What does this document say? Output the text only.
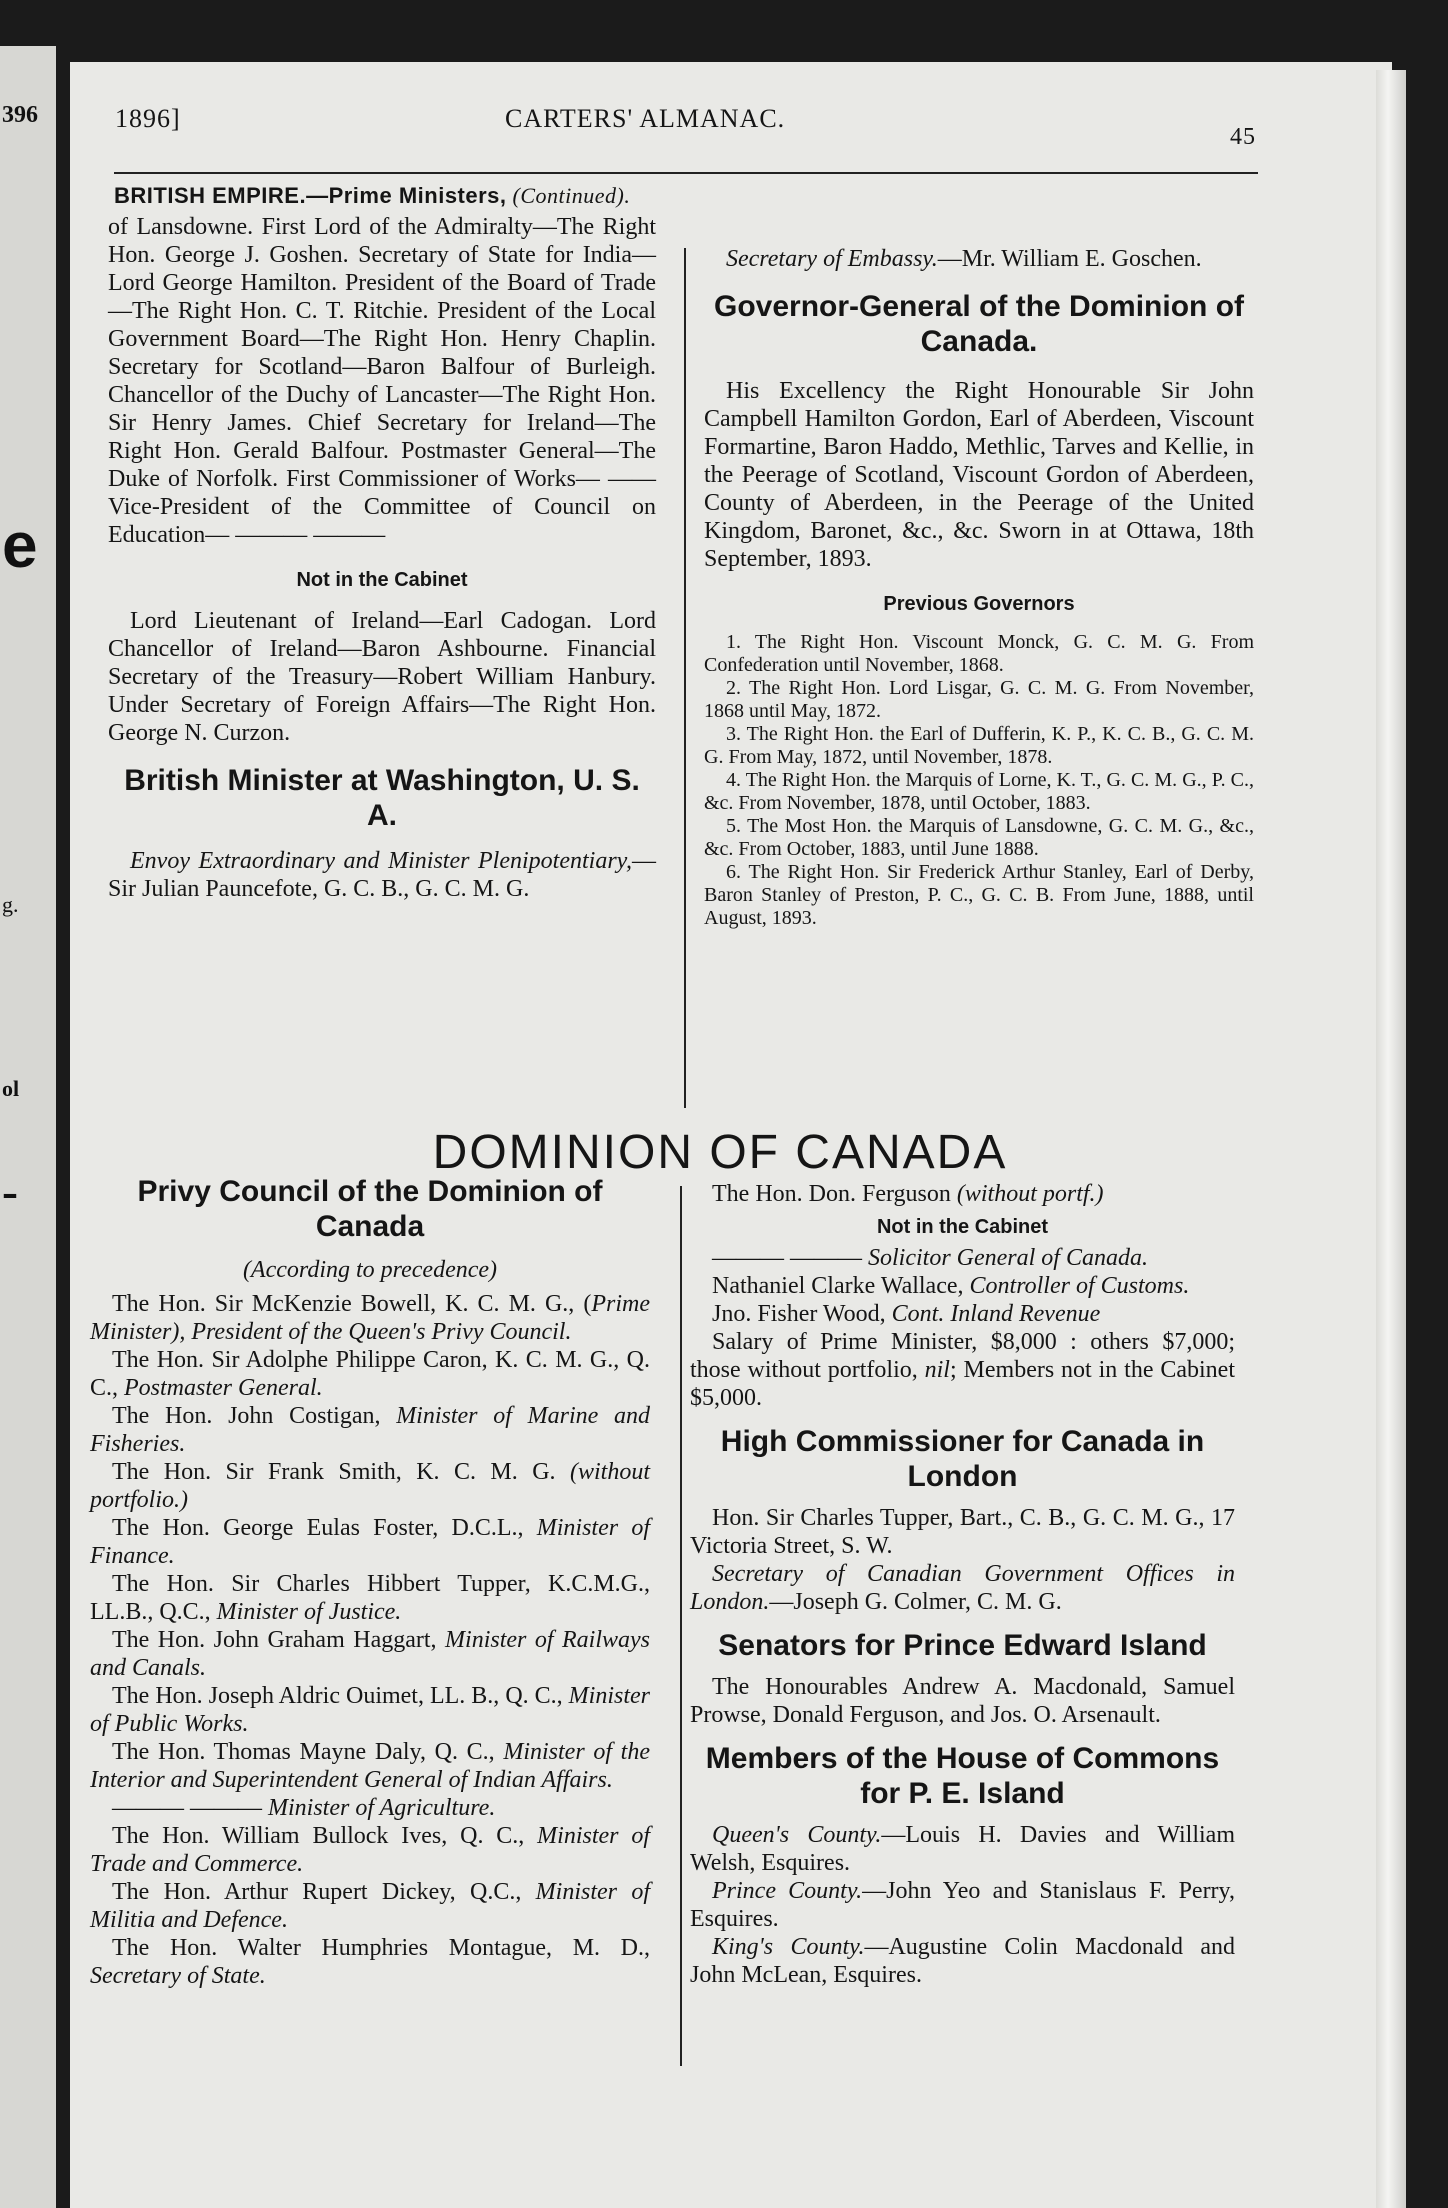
396
e
g.
ol
-
1896]	CARTERS' ALMANAC.
45
BRITISH EMPIRE.—Prime Ministers, (Continued).

of Lansdowne. First Lord of the Admiralty—The Right Hon. George J. Goshen. Secretary of State for India—Lord George Hamilton. President of the Board of Trade—The Right Hon. C. T. Ritchie. President of the Local Government Board—The Right Hon. Henry Chaplin. Secretary for Scotland—Baron Balfour of Burleigh. Chancellor of the Duchy of Lancaster—The Right Hon. Sir Henry James. Chief Secretary for Ireland—The Right Hon. Gerald Balfour. Postmaster General—The Duke of Norfolk. First Commissioner of Works— —— Vice-President of the Committee of Council on Education— ——— ———

Not in the Cabinet

Lord Lieutenant of Ireland—Earl Cadogan. Lord Chancellor of Ireland—Baron Ashbourne. Financial Secretary of the Treasury—Robert William Hanbury. Under Secretary of Foreign Affairs—The Right Hon. George N. Curzon.

British Minister at Washington, U. S. A.

Envoy Extraordinary and Minister Plenipotentiary,—Sir Julian Pauncefote, G. C. B., G. C. M. G.

Secretary of Embassy.—Mr. William E. Goschen.

Governor-General of the Dominion of Canada.

His Excellency the Right Honourable Sir John Campbell Hamilton Gordon, Earl of Aberdeen, Viscount Formartine, Baron Haddo, Methlic, Tarves and Kellie, in the Peerage of Scotland, Viscount Gordon of Aberdeen, County of Aberdeen, in the Peerage of the United Kingdom, Baronet, &c., &c. Sworn in at Ottawa, 18th September, 1893.

Previous Governors

1. The Right Hon. Viscount Monck, G. C. M. G. From Confederation until November, 1868.

2. The Right Hon. Lord Lisgar, G. C. M. G. From November, 1868 until May, 1872.

3. The Right Hon. the Earl of Dufferin, K. P., K. C. B., G. C. M. G. From May, 1872, until November, 1878.

4. The Right Hon. the Marquis of Lorne, K. T., G. C. M. G., P. C., &c. From November, 1878, until October, 1883.

5. The Most Hon. the Marquis of Lansdowne, G. C. M. G., &c., &c. From October, 1883, until June 1888.

6. The Right Hon. Sir Frederick Arthur Stanley, Earl of Derby, Baron Stanley of Preston, P. C., G. C. B. From June, 1888, until August, 1893.

DOMINION OF CANADA
Privy Council of the Dominion of Canada

(According to precedence)

The Hon. Sir McKenzie Bowell, K. C. M. G., (Prime Minister), President of the Queen's Privy Council.

The Hon. Sir Adolphe Philippe Caron, K. C. M. G., Q. C., Postmaster General.

The Hon. John Costigan, Minister of Marine and Fisheries.

The Hon. Sir Frank Smith, K. C. M. G. (without portfolio.)

The Hon. George Eulas Foster, D.C.L., Minister of Finance.

The Hon. Sir Charles Hibbert Tupper, K.C.M.G., LL.B., Q.C., Minister of Justice.

The Hon. John Graham Haggart, Minister of Railways and Canals.

The Hon. Joseph Aldric Ouimet, LL. B., Q. C., Minister of Public Works.

The Hon. Thomas Mayne Daly, Q. C., Minister of the Interior and Superintendent General of Indian Affairs.

——— ——— Minister of Agriculture.

The Hon. William Bullock Ives, Q. C., Minister of Trade and Commerce.

The Hon. Arthur Rupert Dickey, Q.C., Minister of Militia and Defence.

The Hon. Walter Humphries Montague, M. D., Secretary of State.

The Hon. Don. Ferguson (without portf.)

Not in the Cabinet

——— ——— Solicitor General of Canada.

Nathaniel Clarke Wallace, Controller of Customs.

Jno. Fisher Wood, Cont. Inland Revenue

Salary of Prime Minister, $8,000 : others $7,000; those without portfolio, nil; Members not in the Cabinet $5,000.

High Commissioner for Canada in London

Hon. Sir Charles Tupper, Bart., C. B., G. C. M. G., 17 Victoria Street, S. W.

Secretary of Canadian Government Offices in London.—Joseph G. Colmer, C. M. G.

Senators for Prince Edward Island

The Honourables Andrew A. Macdonald, Samuel Prowse, Donald Ferguson, and Jos. O. Arsenault.

Members of the House of Commons for P. E. Island

Queen's County.—Louis H. Davies and William Welsh, Esquires.

Prince County.—John Yeo and Stanislaus F. Perry, Esquires.

King's County.—Augustine Colin Macdonald and John McLean, Esquires.
